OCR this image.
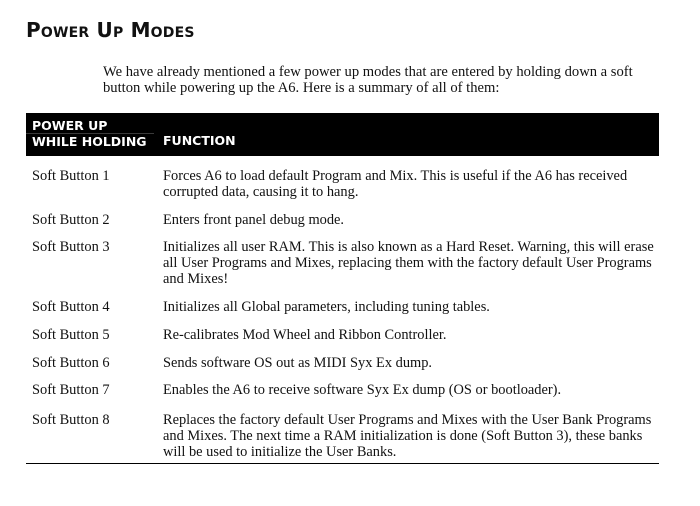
Power Up Modes

We have already mentioned a few power up modes that are entered by holding down a soft button while powering up the A6. Here is a summary of all of them:

POWER UP WHILE HOLDING	FUNCTION
Soft Button 1	Forces A6 to load default Program and Mix. This is useful if the A6 has received corrupted data, causing it to hang.
Soft Button 2	Enters front panel debug mode.
Soft Button 3	Initializes all user RAM. This is also known as a Hard Reset. Warning, this will erase all User Programs and Mixes, replacing them with the factory default User Programs and Mixes!
Soft Button 4	Initializes all Global parameters, including tuning tables.
Soft Button 5	Re-calibrates Mod Wheel and Ribbon Controller.
Soft Button 6	Sends software OS out as MIDI Syx Ex dump.
Soft Button 7	Enables the A6 to receive software Syx Ex dump (OS or bootloader).
Soft Button 8	Replaces the factory default User Programs and Mixes with the User Bank Programs and Mixes. The next time a RAM initialization is done (Soft Button 3), these banks will be used to initialize the User Banks.
